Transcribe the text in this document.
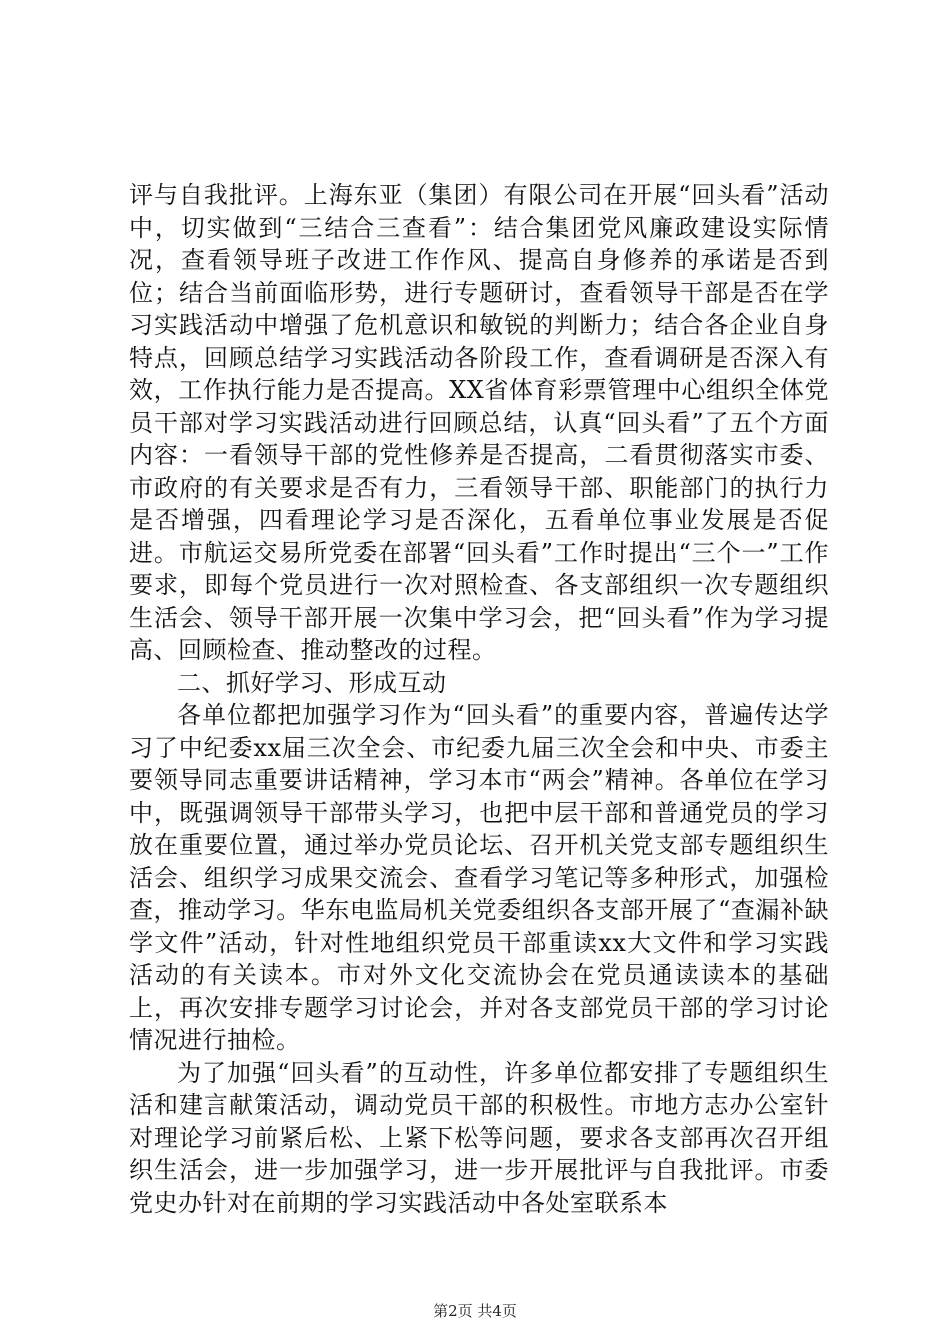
评与自我批评。上海东亚（集团）有限公司在开展“回头看”活动中，切实做到“三结合三查看”：结合集团党风廉政建设实际情况，查看领导班子改进工作作风、提高自身修养的承诺是否到位；结合当前面临形势，进行专题研讨，查看领导干部是否在学习实践活动中增强了危机意识和敏锐的判断力；结合各企业自身特点，回顾总结学习实践活动各阶段工作，查看调研是否深入有效，工作执行能力是否提高。XX省体育彩票管理中心组织全体党员干部对学习实践活动进行回顾总结，认真“回头看”了五个方面内容：一看领导干部的党性修养是否提高，二看贯彻落实市委、市政府的有关要求是否有力，三看领导干部、职能部门的执行力是否增强，四看理论学习是否深化，五看单位事业发展是否促进。市航运交易所党委在部署“回头看”工作时提出“三个一”工作要求，即每个党员进行一次对照检查、各支部组织一次专题组织生活会、领导干部开展一次集中学习会，把“回头看”作为学习提高、回顾检查、推动整改的过程。

二、抓好学习、形成互动

各单位都把加强学习作为“回头看”的重要内容，普遍传达学习了中纪委xx届三次全会、市纪委九届三次全会和中央、市委主要领导同志重要讲话精神，学习本市“两会”精神。各单位在学习中，既强调领导干部带头学习，也把中层干部和普通党员的学习放在重要位置，通过举办党员论坛、召开机关党支部专题组织生活会、组织学习成果交流会、查看学习笔记等多种形式，加强检查，推动学习。华东电监局机关党委组织各支部开展了“查漏补缺学文件”活动，针对性地组织党员干部重读xx大文件和学习实践活动的有关读本。市对外文化交流协会在党员通读读本的基础上，再次安排专题学习讨论会，并对各支部党员干部的学习讨论情况进行抽检。

为了加强“回头看”的互动性，许多单位都安排了专题组织生活和建言献策活动，调动党员干部的积极性。市地方志办公室针对理论学习前紧后松、上紧下松等问题，要求各支部再次召开组织生活会，进一步加强学习，进一步开展批评与自我批评。市委党史办针对在前期的学习实践活动中各处室联系本

第2页 共4页
